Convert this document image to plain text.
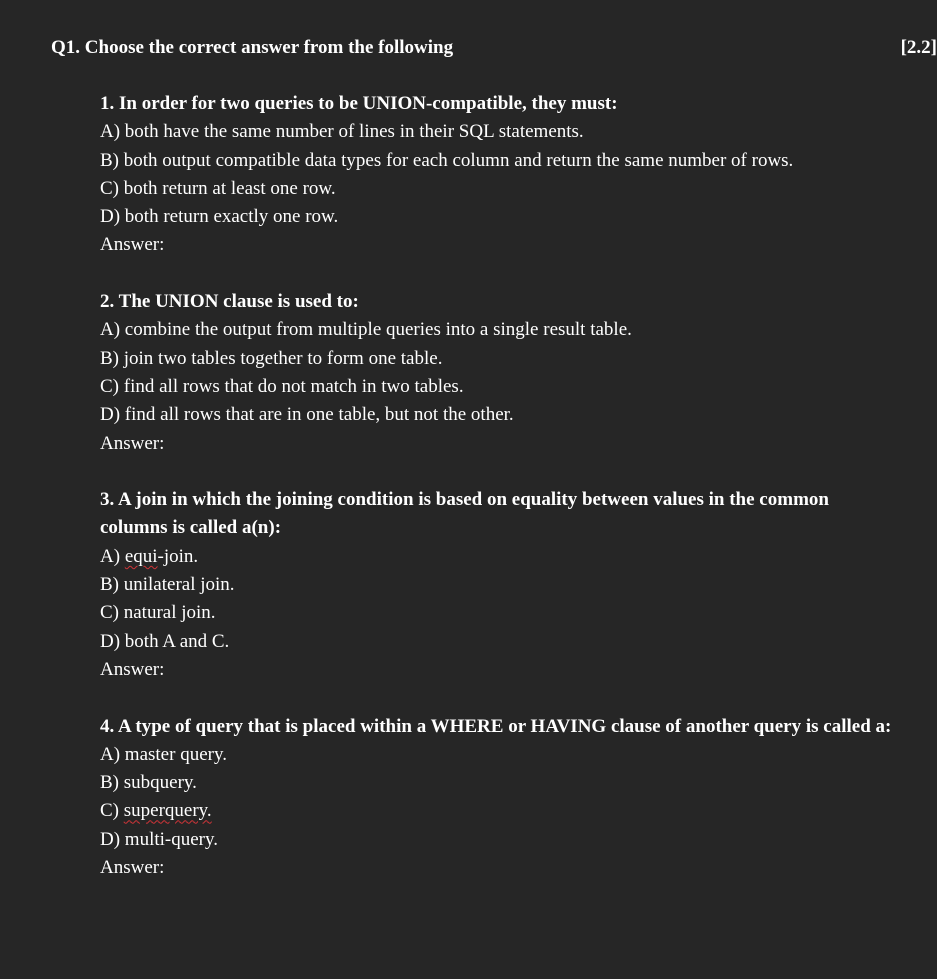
Q1. Choose the correct answer from the following	[2.2]
1. In order for two queries to be UNION-compatible, they must:
A) both have the same number of lines in their SQL statements.
B) both output compatible data types for each column and return the same number of rows.
C) both return at least one row.
D) both return exactly one row.
Answer:
2. The UNION clause is used to:
A) combine the output from multiple queries into a single result table.
B) join two tables together to form one table.
C) find all rows that do not match in two tables.
D) find all rows that are in one table, but not the other.
Answer:
3. A join in which the joining condition is based on equality between values in the common columns is called a(n):
A) equi-join.
B) unilateral join.
C) natural join.
D) both A and C.
Answer:
4. A type of query that is placed within a WHERE or HAVING clause of another query is called a:
A) master query.
B) subquery.
C) superquery.
D) multi-query.
Answer:
